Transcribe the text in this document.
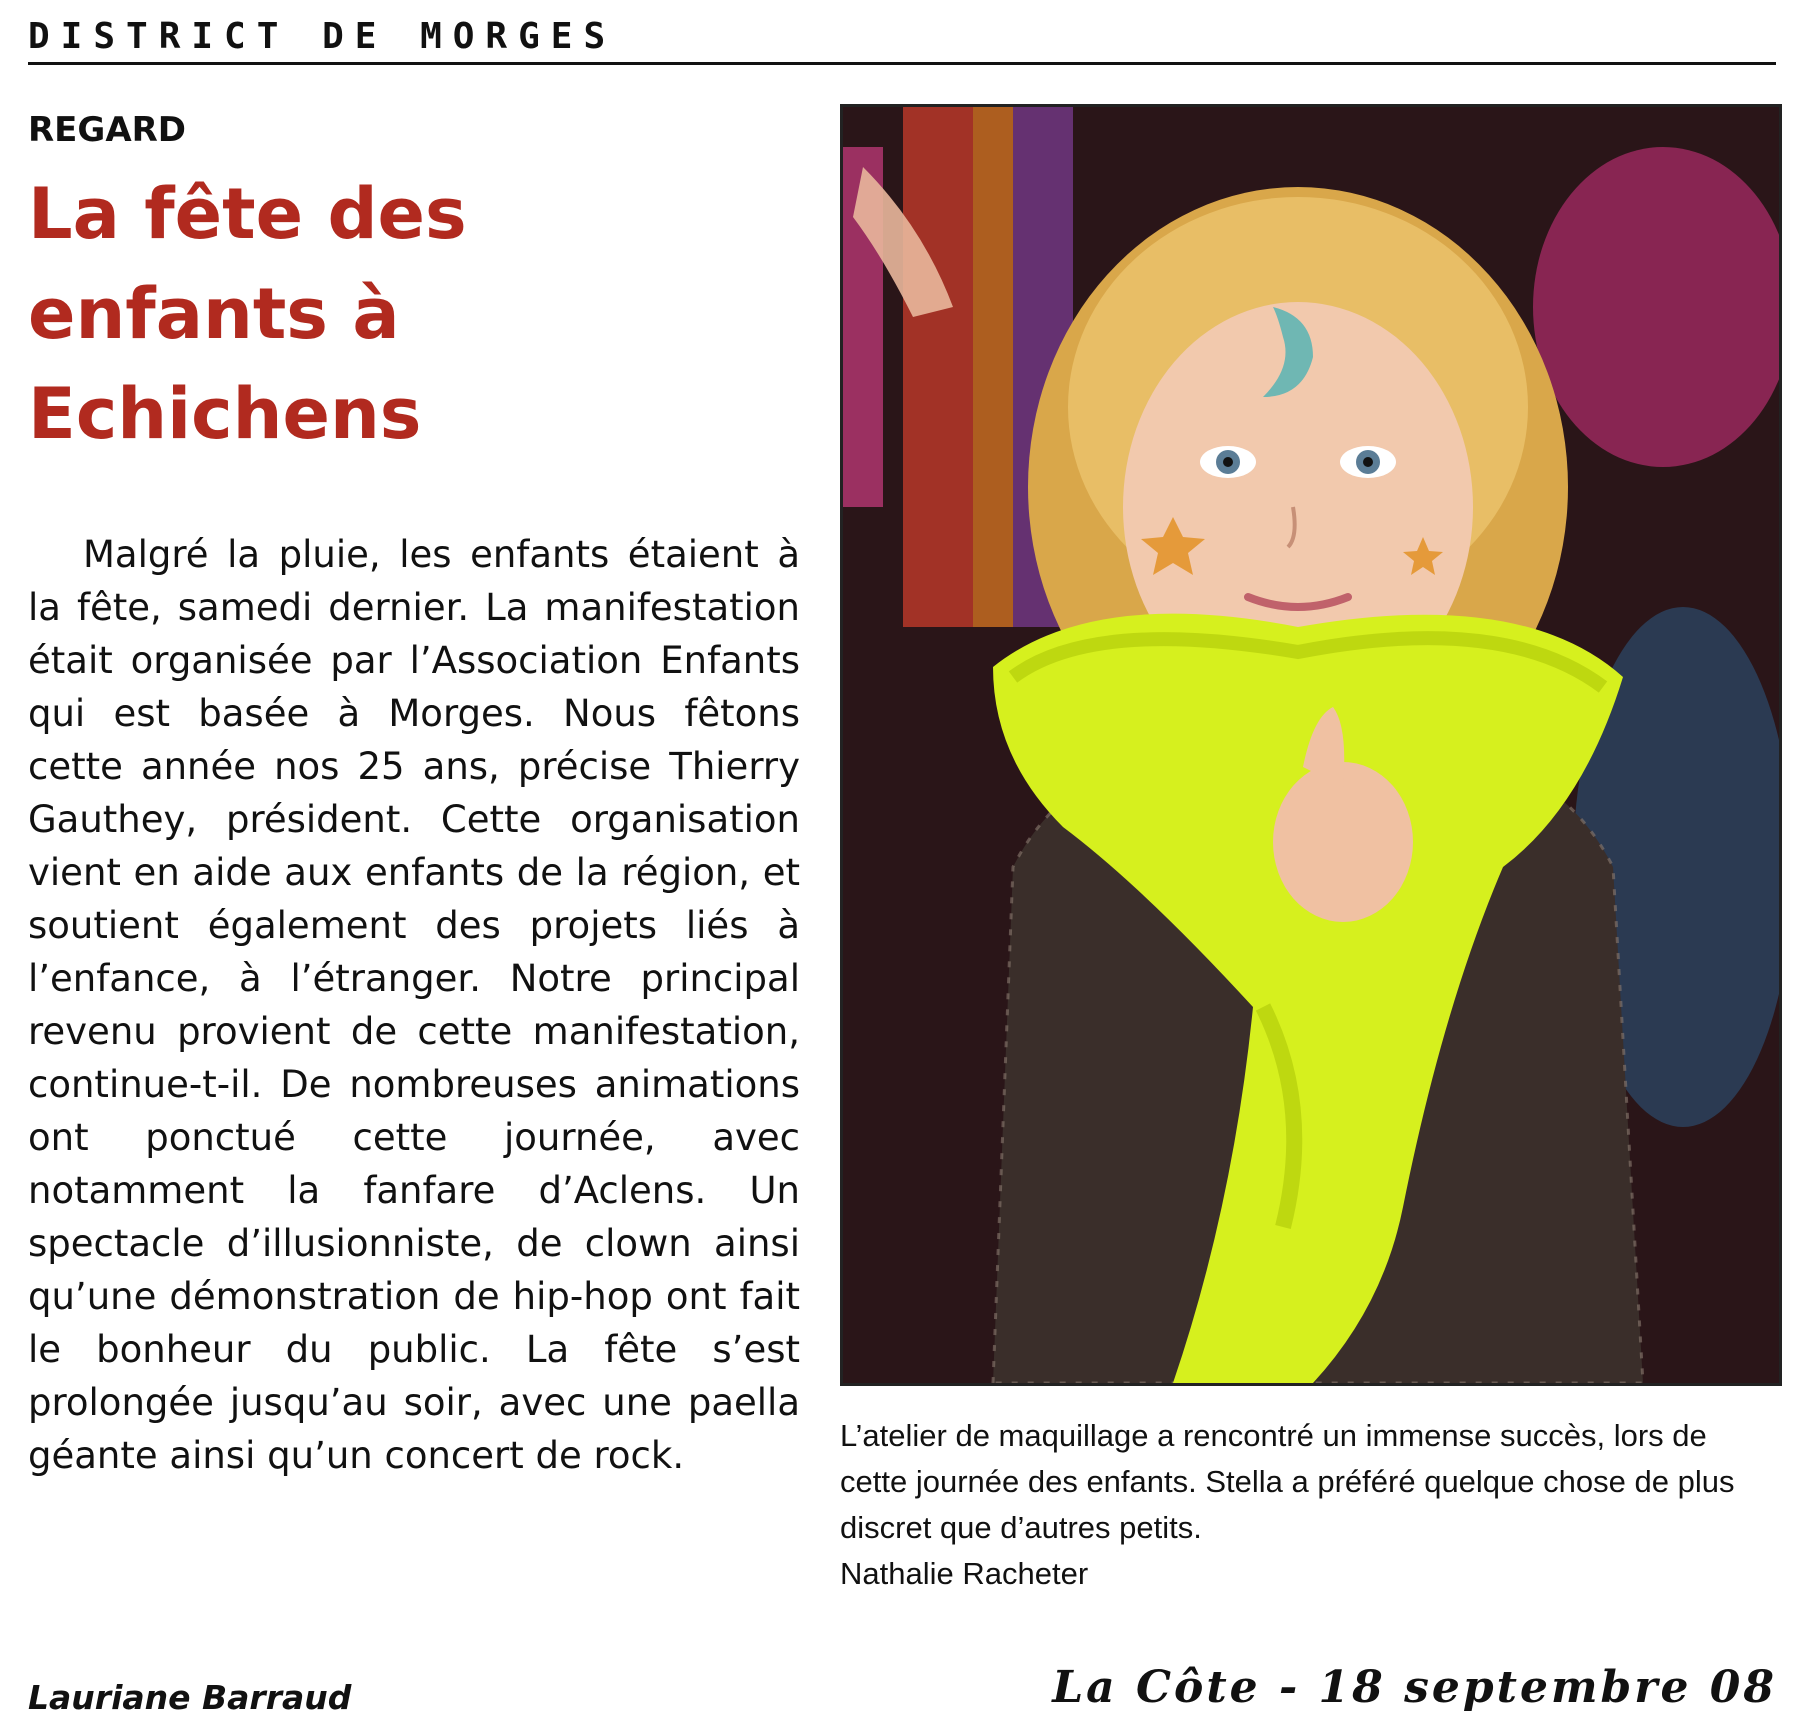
DISTRICT DE MORGES
REGARD
La fête des enfants à Echichens
Malgré la pluie, les enfants étaient à la fête, samedi dernier. La manifestation était organisée par l’Association Enfants qui est basée à Morges. Nous fêtons cette année nos 25 ans, précise Thierry Gauthey, président. Cette organisation vient en aide aux enfants de la région, et soutient également des projets liés à l’enfance, à l’étranger. Notre principal revenu provient de cette manifestation, continue-t-il. De nombreuses animations ont ponctué cette journée, avec notamment la fanfare d’Aclens. Un spectacle d’illusionniste, de clown ainsi qu’une démonstration de hip-hop ont fait le bonheur du public. La fête s’est prolongée jusqu’au soir, avec une paella géante ainsi qu’un concert de rock.
Lauriane Barraud
L’atelier de maquillage a rencontré un immense succès, lors de cette journée des enfants. Stella a préféré quelque chose de plus discret que d’autres petits.
Nathalie Racheter
La Côte - 18 septembre 08
